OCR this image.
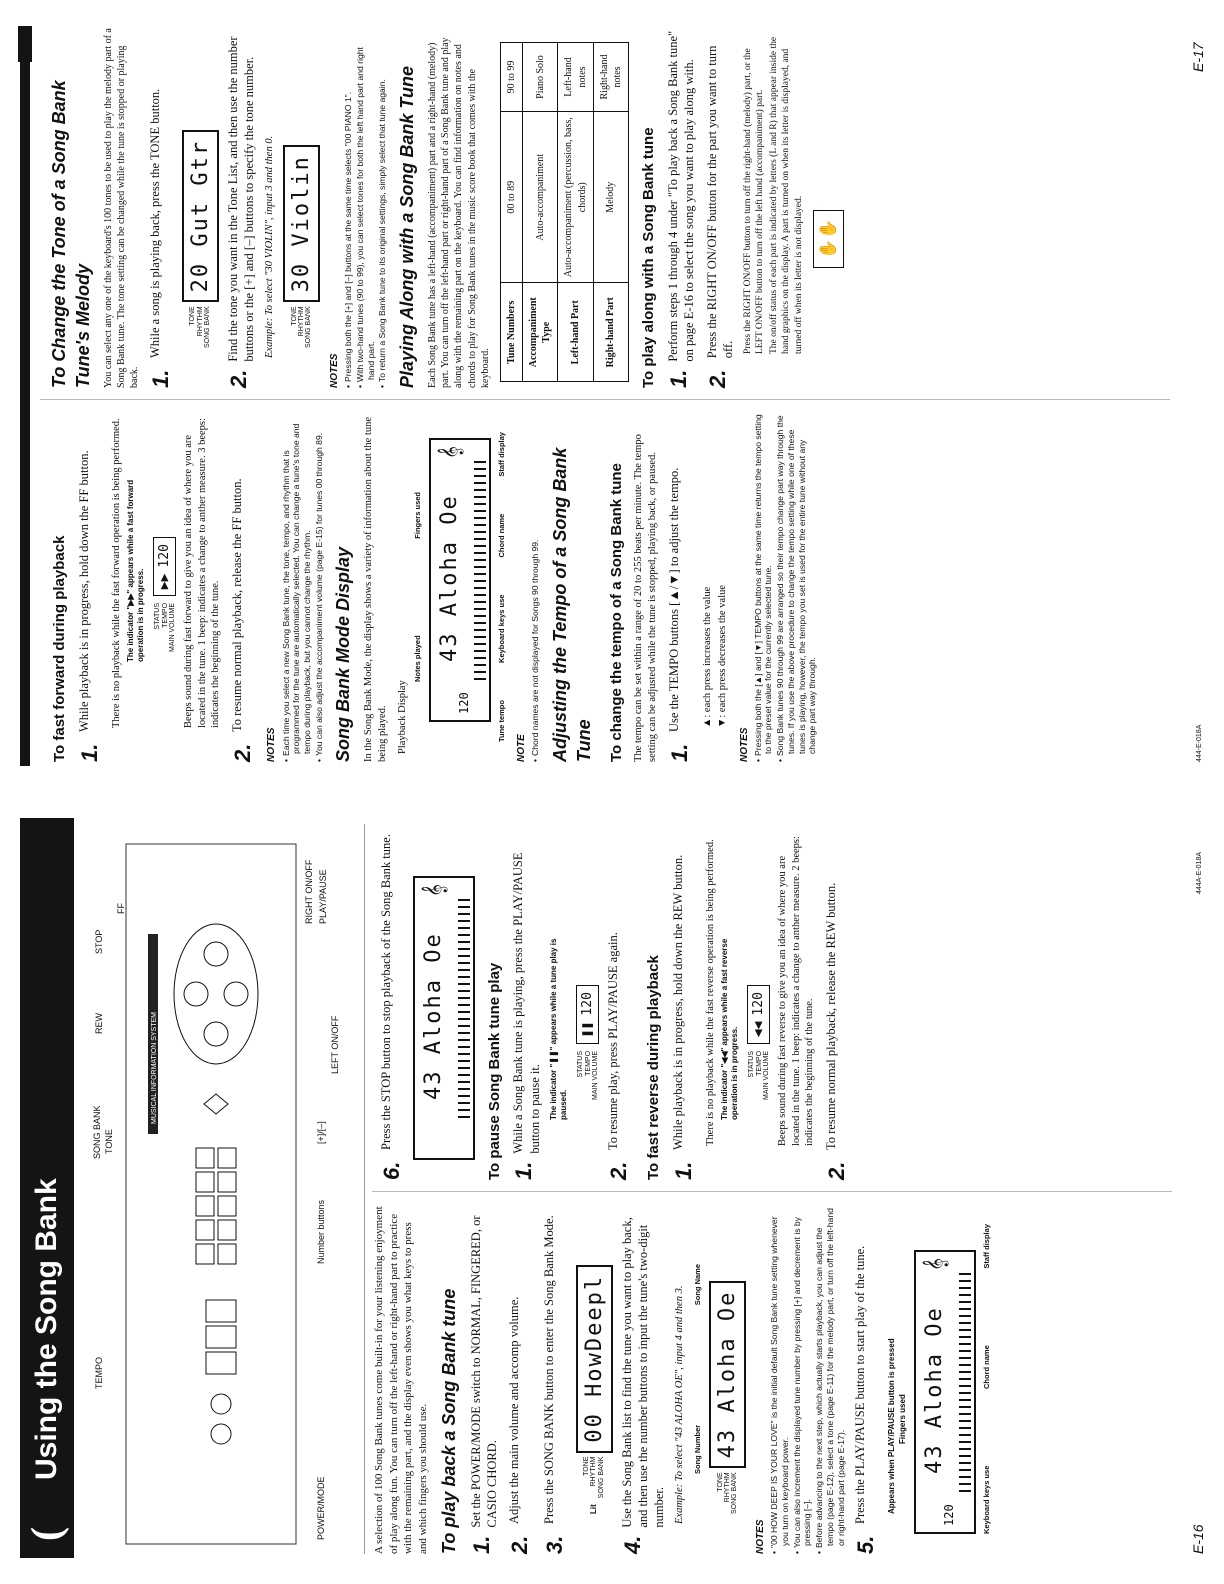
(
Using the Song Bank
MUSICAL INFORMATION SYSTEM
POWER/MODE
TEMPO
SONG BANK TONE
Number buttons
[+]/[–]
LEFT ON/OFF
REW
STOP
FF	RIGHT ON/OFF PLAY/PAUSE

A selection of 100 Song Bank tunes come built-in for your listening enjoyment of play along fun. You can turn off the left-hand or right-hand part to practice with the remaining part, and the display even shows you what keys to press and which fingers you should use. To play back a Song Bank tune 1.
Set the POWER/MODE switch to NORMAL, FINGERED, or CASIO CHORD.
2.
Adjust the main volume and accomp volume.
3.
Press the SONG BANK button to enter the Song Bank Mode.	Lit
TONE
RHYTHM
SONG BANK
00 HowDeepl
4.
Use the Song Bank list to find the tune you want to play back, and then use the number buttons to input the tune's two-digit number. Example: To select "43 ALOHA OE", input 4 and then 3. Song Number
Song Name
TONE
RHYTHM
SONG BANK
43 Aloha Oe
NOTES • "00 HOW DEEP IS YOUR LOVE" is the initial default Song Bank tune setting whenever you turn on keyboard power. • You can also increment the displayed tune number by pressing [+] and decrement is by pressing [–]. • Before advancing to the next step, which actually starts playback, you can adjust the tempo (page E-12), select a tone (page E-11) for the melody part, or turn off the left-hand or right-hand part (page E-17). 5.
Press the PLAY/PAUSE button to start play of the tune.	Appears when PLAY/PAUSE button is pressed Fingers used
120
43 Aloha Oe
𝄞
Keyboard keys use
Chord name
Staff display
6.
Press the STOP button to stop playback of the Song Bank tune.	43 Aloha Oe
𝄞
To pause Song Bank tune play 1.
While a Song Bank tune is playing, press the PLAY/PAUSE button to pause it. The indicator "❚❚" appears while a tune play is paused.
STATUS
TEMPO
MAIN VOLUME
❚❚
120
2.
To resume play, press PLAY/PAUSE again.	To fast reverse during playback 1.
While playback is in progress, hold down the REW button.	There is no playback while the fast reverse operation is being performed. The indicator "◀◀" appears while a fast reverse operation is in progress. STATUS
TEMPO
MAIN VOLUME
◀◀
120 Beeps sound during fast reverse to give you an idea of where you are located in the tune. 1 beep: indicates a change to anther measure. 2 beeps: indicates the beginning of the tune.
2.
To resume normal playback, release the REW button.
E-16
444A-E-018A
To fast forward during playback 1.
While playback is in progress, hold down the FF button.	There is no playback while the fast forward operation is being performed. The indicator "▶▶" appears while a fast forward operation is in progress. STATUS
TEMPO
MAIN VOLUME
▶▶
120 Beeps sound during fast forward to give you an idea of where you are located in the tune. 1 beep: indicates a change to anther measure. 3 beeps: indicates the beginning of the tune.
2.
To resume normal playback, release the FF button.
NOTES • Each time you select a new Song Bank tune, the tone, tempo, and rhythm that is programmed for the tune are automatically selected. You can change a tune's tone and tempo during playback, but you cannot change the rhythm. • You can also adjust the accompaniment volume (page E-15) for tunes 00 through 89. Song Bank Mode Display In the Song Bank Mode, the display shows a variety of information about the tune being played. Playback Display
Notes played
Fingers used
120
43 Aloha Oe
𝄞
Tune tempo
Keyboard keys use
Chord name
Staff display
NOTE • Chord names are not displayed for Songs 90 through 99. Adjusting the Tempo of a Song Bank Tune To change the tempo of a Song Bank tune The tempo can be set within a range of 20 to 255 beats per minute. The tempo setting can be adjusted while the tune is stopped, playing back, or paused. 1.
Use the TEMPO buttons [▲/▼] to adjust the tempo.	▲: each press increases the value ▼: each press decreases the value
NOTES • Pressing both the [▲] and [▼] TEMPO buttons at the same time returns the tempo setting to the preset value for the currently selected tune. • Song Bank tunes 90 through 99 are arranged so their tempo change part way through the tunes. If you use the above procedure to change the tempo setting while one of these tunes is playing, however, the tempo you set is used for the entire tune without any change part way through.
To Change the Tone of a Song Bank Tune's Melody You can select any one of the keyboard's 100 tones to be used to play the melody part of a Song Bank tune. The tone setting can be changed while the tune is stopped or playing back. 1.
While a song is playing back, press the TONE button.	TONE
RHYTHM
SONG BANK
20 Gut Gtr
2.
Find the tone you want in the Tone List, and then use the number buttons or the [+] and [–] buttons to specify the tone number. Example: To select "30 VIOLIN", input 3 and then 0. TONE
RHYTHM
SONG BANK
30 Violin
NOTES • Pressing both the [+] and [–] buttons at the same time selects "00 PIANO 1". • With two-hand tunes (90 to 99), you can select tones for both the left hand part and right hand part. • To return a Song Bank tune to its original settings, simply select that tune again. Playing Along with a Song Bank Tune Each Song Bank tune has a left-hand (accompaniment) part and a right-hand (melody) part. You can turn off the left-hand part or right-hand part of a Song Bank tune and play along with the remaining part on the keyboard. You can find information on notes and chords to play for Song Bank tunes in the music score book that comes with the keyboard.

Tune Numbers	00 to 89	90 to 99
Accompaniment Type	Auto-accompaniment	Piano Solo
Left-hand Part	Auto-accompaniment (percussion, bass, chords)	Left-hand notes
Right-hand Part	Melody	Right-hand notes
To play along with a Song Bank tune 1.
Perform steps 1 through 4 under "To play back a Song Bank tune" on page E-16 to select the song you want to play along with.
2.
Press the RIGHT ON/OFF button for the part you want to turn off. Press the RIGHT ON/OFF button to turn off the right-hand (melody) part, or the LEFT ON/OFF button to turn off the left hand (accompaniment) part. The on/off status of each part is indicated by letters (L and R) that appear inside the hand graphics on the display. A part is turned on when its letter is displayed, and turned off when its letter is not displayed. ✋✋
444-E-018A
E-17
